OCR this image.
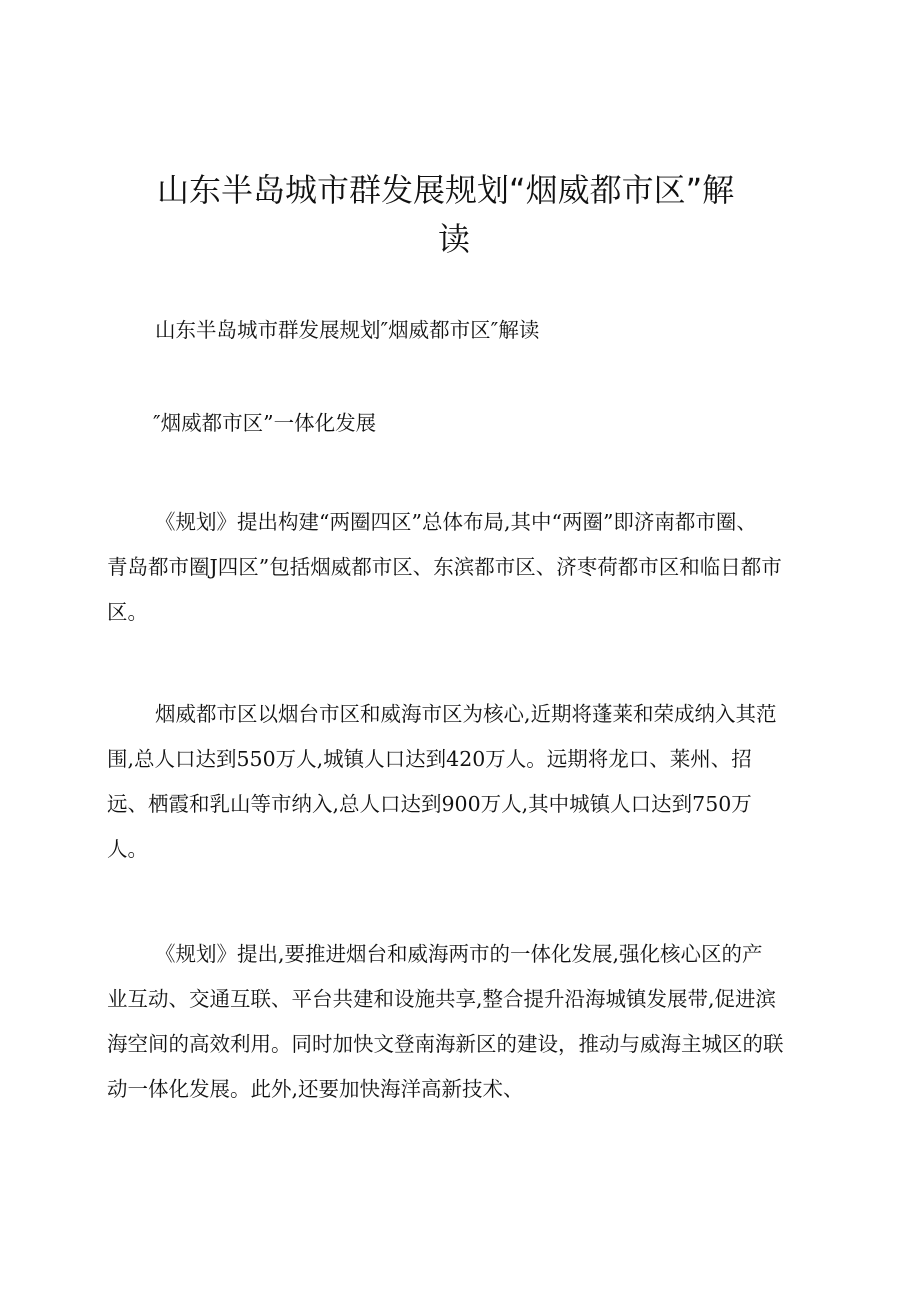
山东半岛城市群发展规划“烟威都市区”解
读
山东半岛城市群发展规划″烟威都市区″解读
″烟威都市区”一体化发展
《规划》提出构建“两圈四区”总体布局,其中“两圈”即济南都市圈、
青岛都市圈J四区”包括烟威都市区、东滨都市区、济枣荷都市区和临日都市
区。
烟威都市区以烟台市区和威海市区为核心,近期将蓬莱和荣成纳入其范
围,总人口达到550万人,城镇人口达到420万人。远期将龙口、莱州、招
远、栖霞和乳山等市纳入,总人口达到900万人,其中城镇人口达到750万
人。
《规划》提出,要推进烟台和威海两市的一体化发展,强化核心区的产
业互动、交通互联、平台共建和设施共享,整合提升沿海城镇发展带,促进滨
海空间的高效利用。同时加快文登南海新区的建设，推动与威海主城区的联
动一体化发展。此外,还要加快海洋高新技术、
